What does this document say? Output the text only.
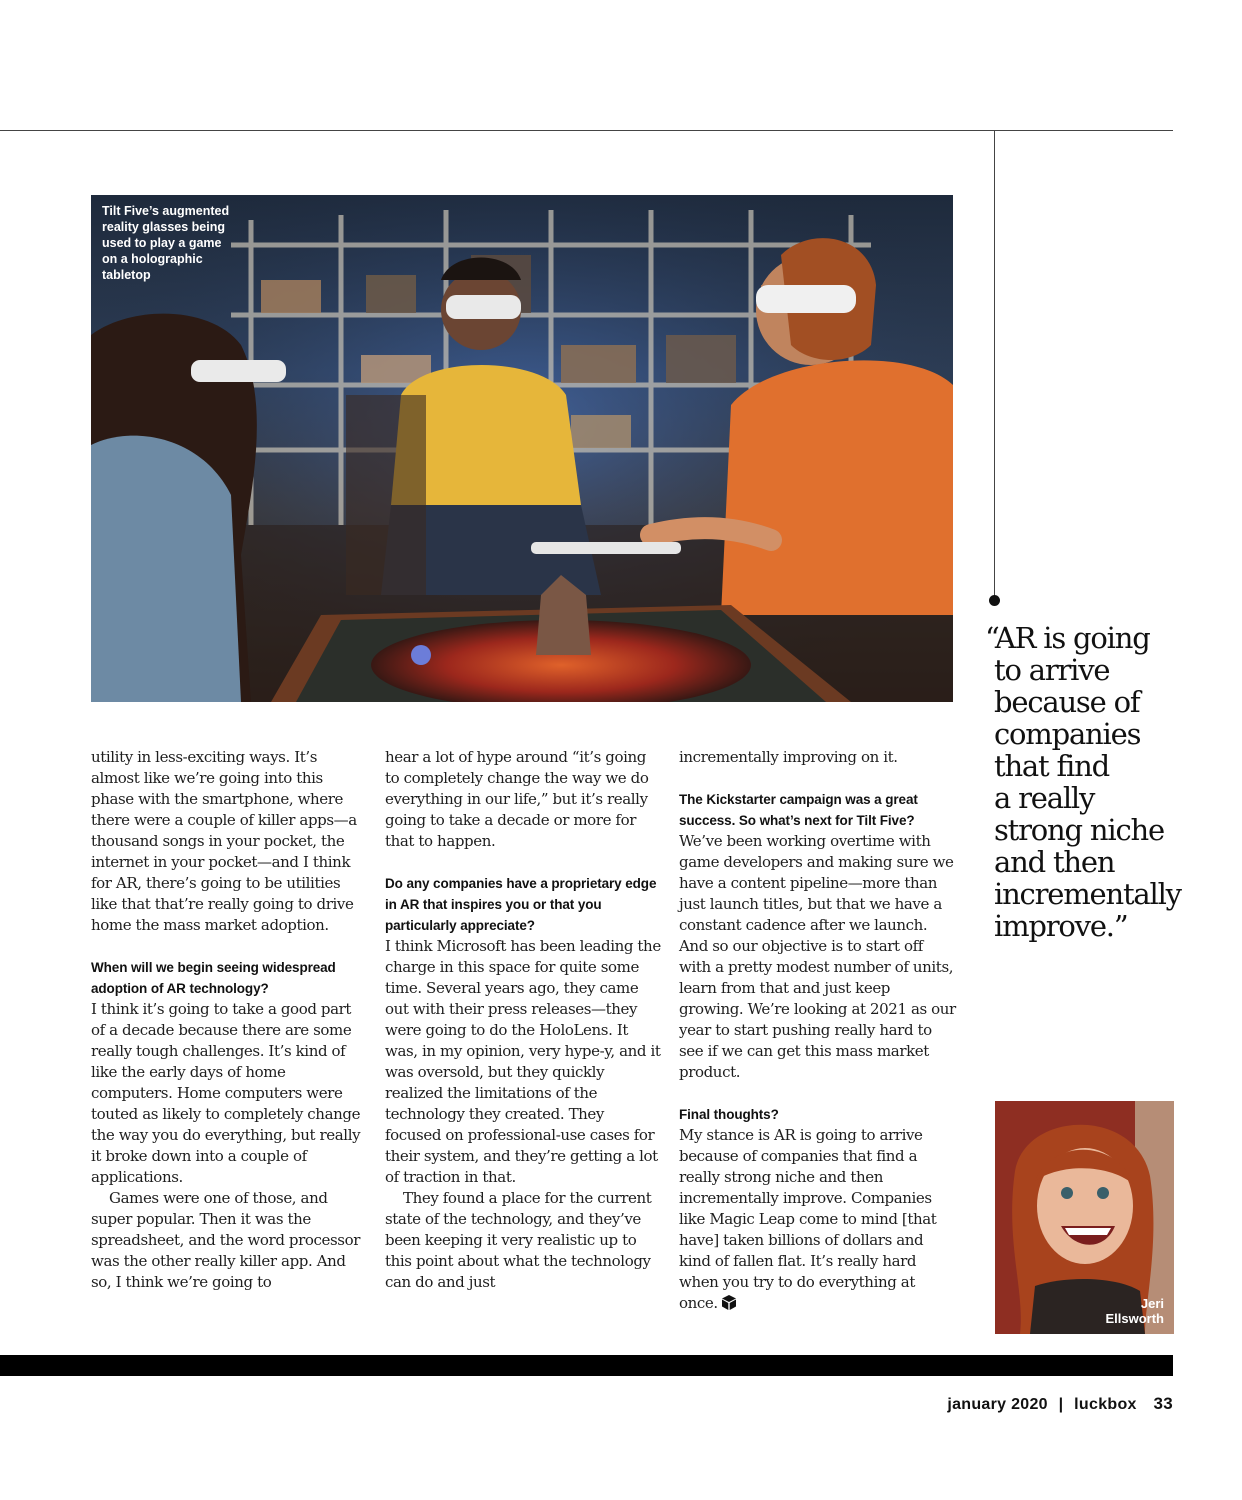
Tilt Five’s augmented reality glasses being used to play a game on a holographic tabletop

utility in less-exciting ways. It’s almost like we’re going into this phase with the smartphone, where there were a couple of killer apps—a thousand songs in your pocket, the internet in your pocket—and I think for AR, there’s going to be utilities like that that’re really going to drive home the mass market adoption.

When will we begin seeing widespread adoption of AR technology?

I think it’s going to take a good part of a decade because there are some really tough challenges. It’s kind of like the early days of home computers. Home computers were touted as likely to completely change the way you do everything, but really it broke down into a couple of applications.

Games were one of those, and super popular. Then it was the spreadsheet, and the word processor was the other really killer app. And so, I think we’re going to

hear a lot of hype around “it’s going to completely change the way we do everything in our life,” but it’s really going to take a decade or more for that to happen.

Do any companies have a proprietary edge in AR that inspires you or that you particularly appreciate?

I think Microsoft has been leading the charge in this space for quite some time. Several years ago, they came out with their press releases—they were going to do the HoloLens. It was, in my opinion, very hype-y, and it was oversold, but they quickly realized the limitations of the technology they created. They focused on professional-use cases for their system, and they’re getting a lot of traction in that.

They found a place for the current state of the technology, and they’ve been keeping it very realistic up to this point about what the technology can do and just

incrementally improving on it.

The Kickstarter campaign was a great success. So what’s next for Tilt Five?

We’ve been working overtime with game developers and making sure we have a content pipeline—more than just launch titles, but that we have a constant cadence after we launch. And so our objective is to start off with a pretty modest number of units, learn from that and just keep growing. We’re looking at 2021 as our year to start pushing really hard to see if we can get this mass market product.

Final thoughts?

My stance is AR is going to arrive because of companies that find a really strong niche and then incrementally improve. Companies like Magic Leap come to mind [that have] taken billions of dollars and kind of fallen flat. It’s really hard when you try to do everything at once.

“AR is going
to arrive
because of
companies
that find
a really
strong niche
and then
incrementally
improve.”
Jeri
Ellsworth
january 2020 | luckbox 33
